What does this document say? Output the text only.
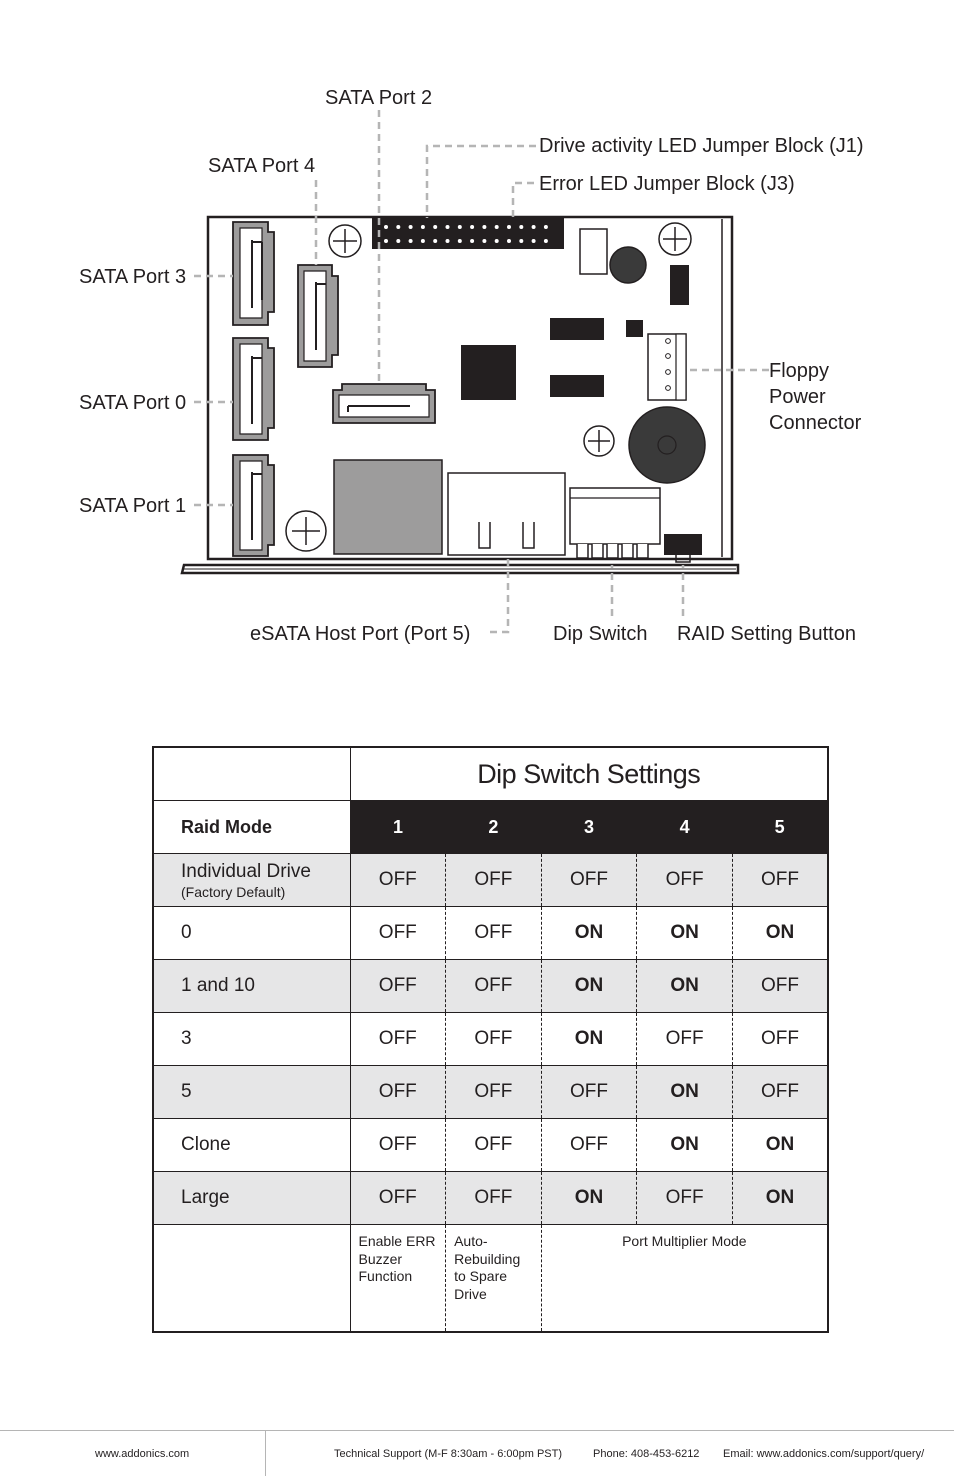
SATA Port 2
SATA Port 4
Drive activity LED Jumper Block (J1)
Error LED Jumper Block (J3)
SATA Port 3
SATA Port 0
SATA Port 1
Floppy
Power
Connector
eSATA Host Port (Port 5)	Dip Switch RAID Setting Button
	Dip Switch Settings				
Raid Mode	1	2	3	4	5

Individual Drive
(Factory Default)	OFF	OFF	OFF	OFF	OFF

0	OFF	OFF	ON	ON	ON

1 and 10	OFF	OFF	ON	ON	OFF

3	OFF	OFF	ON	OFF	OFF

5	OFF	OFF	OFF	ON	OFF

Clone	OFF	OFF	OFF	ON	ON

Large	OFF	OFF	ON	OFF	ON
	Enable ERR Buzzer Function	Auto-Rebuilding to Spare Drive	Port Multiplier Mode		
www.addonics.com	Technical Support (M-F 8:30am - 6:00pm PST)	Phone: 408-453-6212 Email: www.addonics.com/support/query/
